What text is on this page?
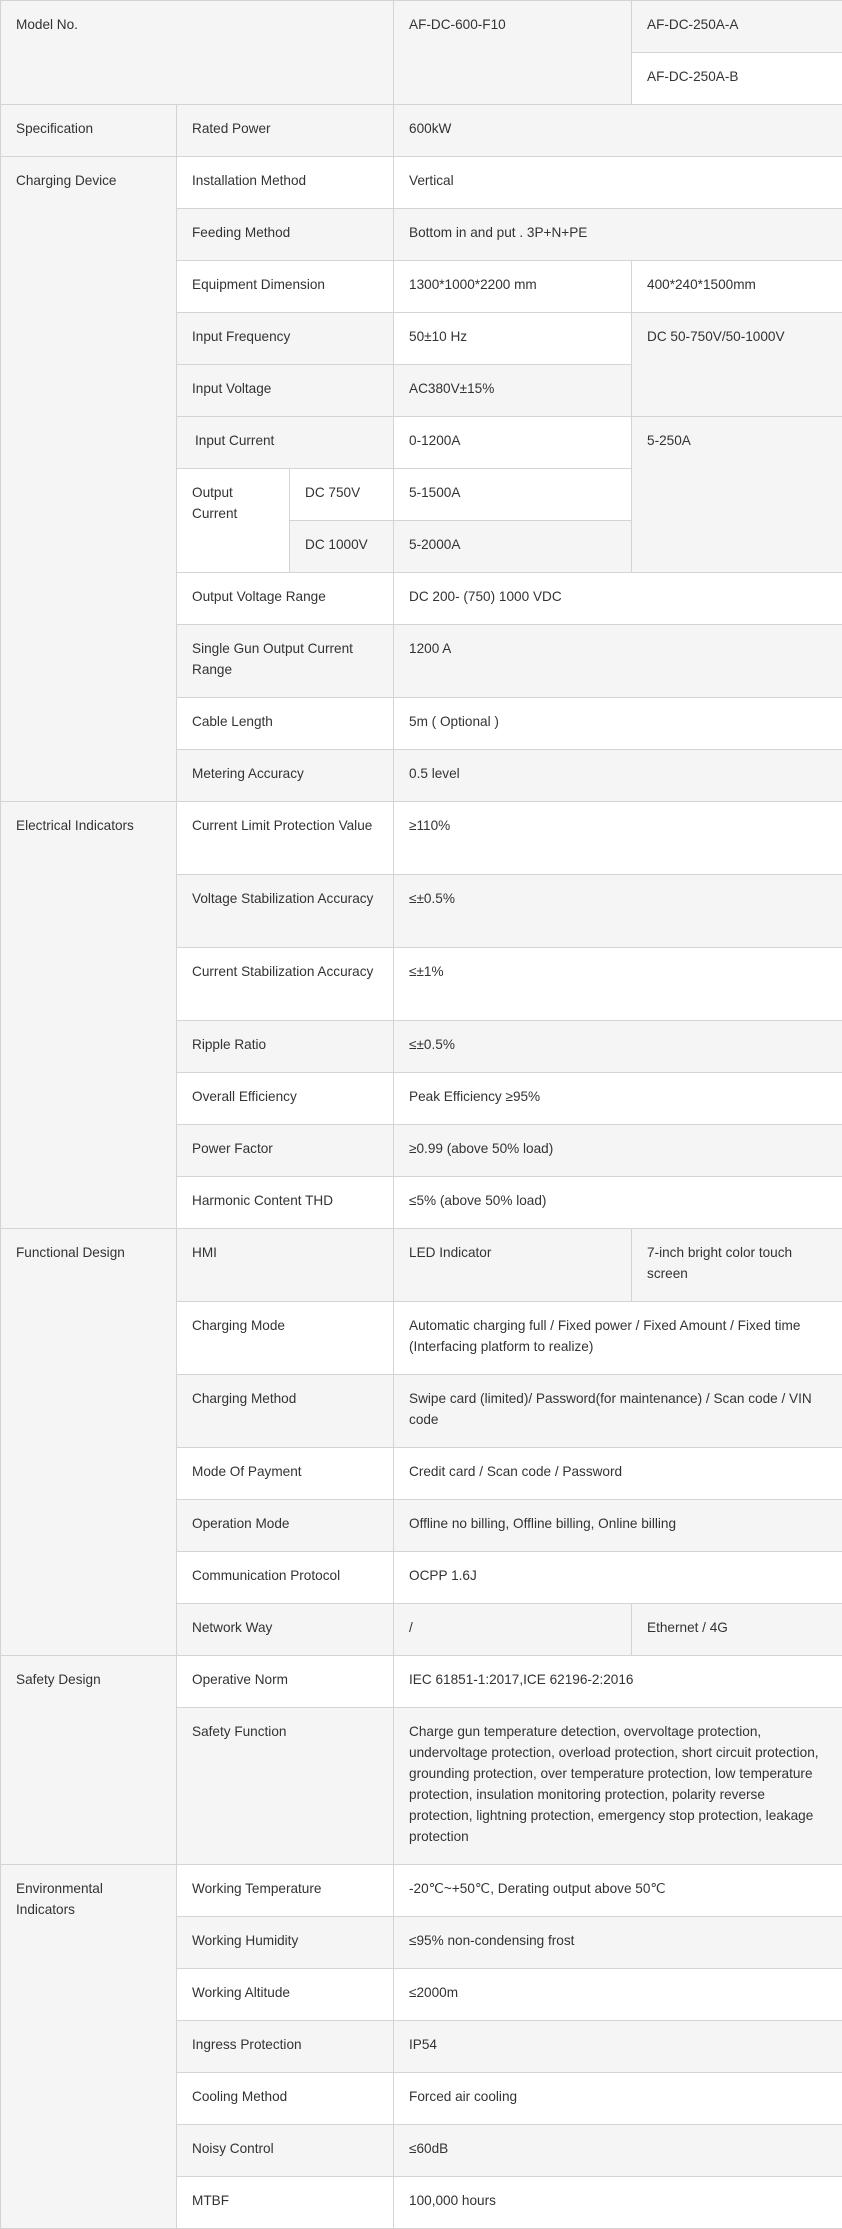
Model No.			AF-DC-600-F10	AF-DC-250A-A
				AF-DC-250A-B
Specification	Rated Power		600kW	
Charging Device	Installation Method		Vertical	
	Feeding Method		Bottom in and put . 3P+N+PE	
	Equipment Dimension		1300*1000*2200 mm	400*240*1500mm
	Input Frequency		50±10 Hz	DC 50-750V/50-1000V
	Input Voltage		AC380V±15%	
	Input Current		0-1200A	5-250A
	Output Current	DC 750V	5-1500A	
		DC 1000V	5-2000A	
	Output Voltage Range		DC 200- (750) 1000 VDC	
	Single Gun Output Current Range		1200 A	
	Cable Length		5m ( Optional )	
	Metering Accuracy		0.5 level	
Electrical Indicators	Current Limit Protection Value		≥110%	
	Voltage Stabilization Accuracy		≤±0.5%	
	Current Stabilization Accuracy		≤±1%	
	Ripple Ratio		≤±0.5%	
	Overall Efficiency		Peak Efficiency ≥95%	
	Power Factor		≥0.99 (above 50% load)	
	Harmonic Content THD		≤5% (above 50% load)	
Functional Design	HMI		LED Indicator	7-inch bright color touch screen
	Charging Mode		Automatic charging full / Fixed power / Fixed Amount / Fixed time (Interfacing platform to realize)	
	Charging Method		Swipe card (limited)/ Password(for maintenance) / Scan code / VIN code	
	Mode Of Payment		Credit card / Scan code / Password	
	Operation Mode		Offline no billing, Offline billing, Online billing	
	Communication Protocol		OCPP 1.6J	
	Network Way		/	Ethernet / 4G
Safety Design	Operative Norm		IEC 61851-1:2017,ICE 62196-2:2016	
	Safety Function		Charge gun temperature detection, overvoltage protection, undervoltage protection, overload protection, short circuit protection, grounding protection, over temperature protection, low temperature protection, insulation monitoring protection, polarity reverse protection, lightning protection, emergency stop protection, leakage protection	
Environmental Indicators	Working Temperature		-20℃~+50℃, Derating output above 50℃	
	Working Humidity		≤95% non-condensing frost	
	Working Altitude		≤2000m	
	Ingress Protection		IP54	
	Cooling Method		Forced air cooling	
	Noisy Control		≤60dB	
	MTBF		100,000 hours	
